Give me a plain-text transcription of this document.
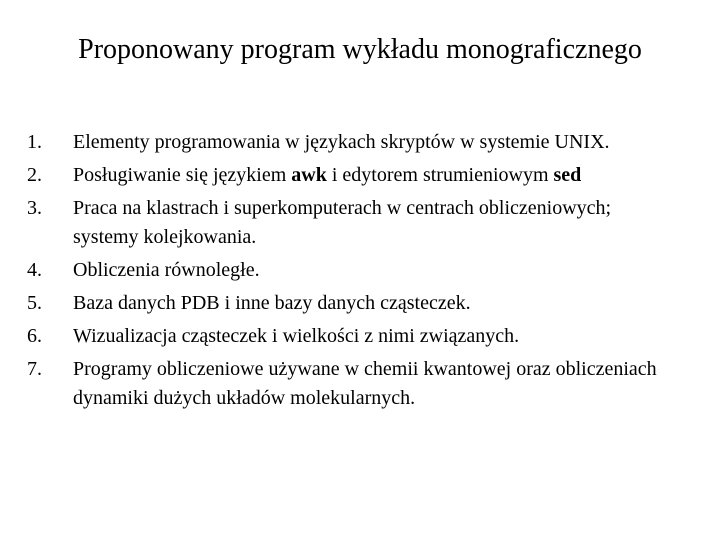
Proponowany program wykładu monograficznego
1. Elementy programowania w językach skryptów w systemie UNIX.
2. Posługiwanie się językiem awk i edytorem strumieniowym sed
3. Praca na klastrach i superkomputerach w centrach obliczeniowych; systemy kolejkowania.
4. Obliczenia równoległe.
5. Baza danych PDB i inne bazy danych cząsteczek.
6. Wizualizacja cząsteczek i wielkości z nimi związanych.
7. Programy obliczeniowe używane w chemii kwantowej oraz obliczeniach dynamiki dużych układów molekularnych.
